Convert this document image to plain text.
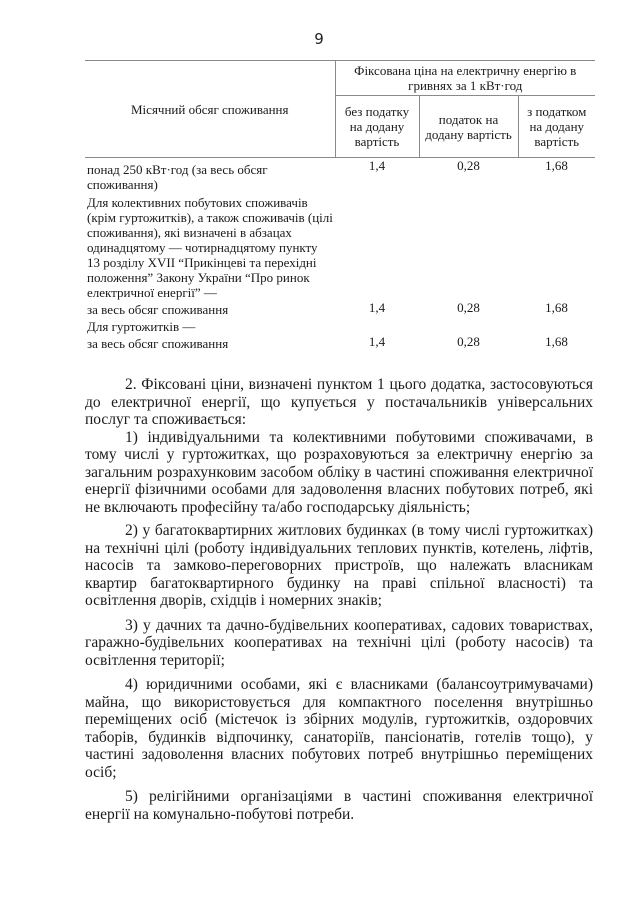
9
Місячний обсяг споживання	Фіксована ціна на електричну енергію в гривнях за 1 кВт·год		
	без податку на додану вартість	податок на додану вартість	з податком на додану вартість
понад 250 кВт·год (за весь обсяг споживання)	1,4	0,28	1,68
Для колективних побутових споживачів (крім гуртожитків), а також споживачів (цілі споживання), які визначені в абзацах одинадцятому — чотирнадцятому пункту 13 розділу XVII “Прикінцеві та перехідні положення” Закону України “Про ринок електричної енергії” —			
за весь обсяг споживання	1,4	0,28	1,68
Для гуртожитків —			
за весь обсяг споживання	1,4	0,28	1,68

2. Фіксовані ціни, визначені пунктом 1 цього додатка, застосовуються до електричної енергії, що купується у постачальників універсальних послуг та споживається:

1) індивідуальними та колективними побутовими споживачами, в тому числі у гуртожитках, що розраховуються за електричну енергію за загальним розрахунковим засобом обліку в частині споживання електричної енергії фізичними особами для задоволення власних побутових потреб, які не включають професійну та/або господарську діяльність;

2) у багатоквартирних житлових будинках (в тому числі гуртожитках) на технічні цілі (роботу індивідуальних теплових пунктів, котелень, ліфтів, насосів та замково-переговорних пристроїв, що належать власникам квартир багатоквартирного будинку на праві спільної власності) та освітлення дворів, східців і номерних знаків;

3) у дачних та дачно-будівельних кооперативах, садових товариствах, гаражно-будівельних кооперативах на технічні цілі (роботу насосів) та освітлення території;

4) юридичними особами, які є власниками (балансоутримувачами) майна, що використовується для компактного поселення внутрішньо переміщених осіб (містечок із збірних модулів, гуртожитків, оздоровчих таборів, будинків відпочинку, санаторіїв, пансіонатів, готелів тощо), у частині задоволення власних побутових потреб внутрішньо переміщених осіб;

5) релігійними організаціями в частині споживання електричної енергії на комунально-побутові потреби.
